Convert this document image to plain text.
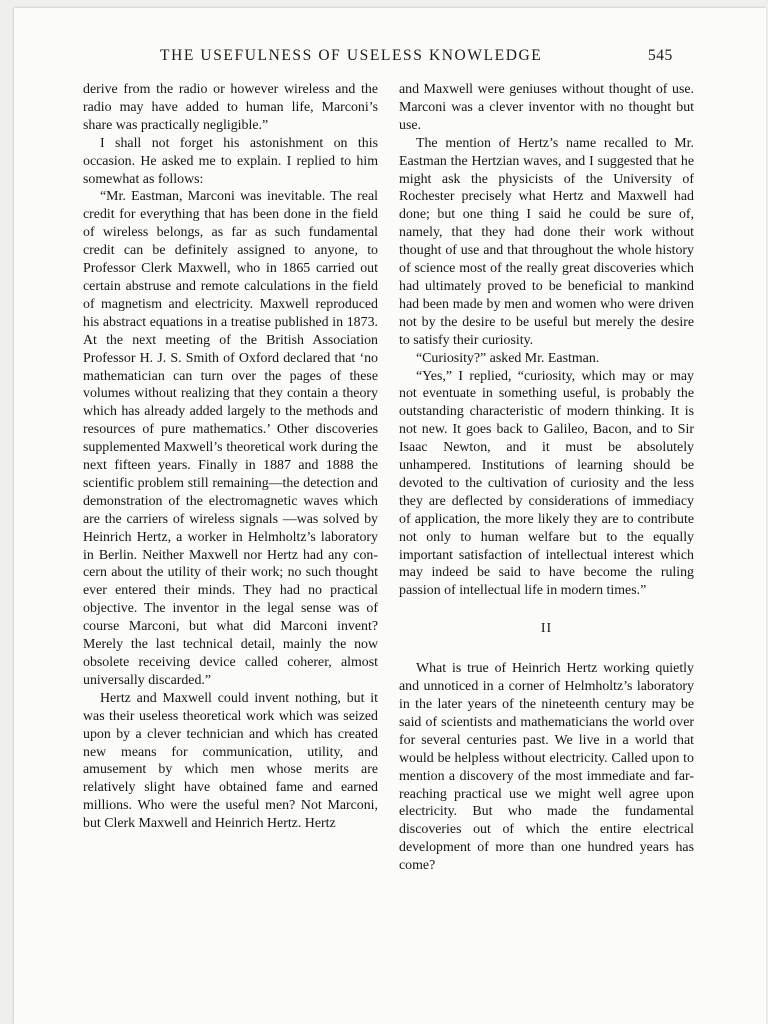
THE USEFULNESS OF USELESS KNOWLEDGE	545

derive from the radio or however wireless and the radio may have added to human life, Marconi’s share was practically negligible.”

I shall not forget his astonishment on this occasion. He asked me to explain. I replied to him somewhat as follows:

“Mr. Eastman, Marconi was inevitable. The real credit for everything that has been done in the field of wireless belongs, as far as such fundamental credit can be definitely assigned to anyone, to Professor Clerk Maxwell, who in 1865 carried out certain abstruse and remote calculations in the field of magnetism and electricity. Maxwell reproduced his abstract equations in a treatise published in 1873. At the next meeting of the British Association Professor H. J. S. Smith of Oxford declared that ‘no mathematician can turn over the pages of these volumes without realizing that they contain a theory which has already added largely to the methods and resources of pure mathematics.’ Other discoveries supplemented Maxwell’s theoretical work during the next fifteen years. Finally in 1887 and 1888 the scientific problem still remaining—the detection and demonstration of the electromagnetic waves which are the carriers of wireless signals —was solved by Heinrich Hertz, a worker in Helmholtz’s laboratory in Berlin. Neither Maxwell nor Hertz had any concern about the utility of their work; no such thought ever entered their minds. They had no practical objective. The inventor in the legal sense was of course Marconi, but what did Marconi invent? Merely the last technical detail, mainly the now obsolete receiving device called coherer, almost universally discarded.”

Hertz and Maxwell could invent nothing, but it was their useless theoretical work which was seized upon by a clever technician and which has created new means for communication, utility, and amusement by which men whose merits are relatively slight have obtained fame and earned millions. Who were the useful men? Not Marconi, but Clerk Maxwell and Heinrich Hertz. Hertz

and Maxwell were geniuses without thought of use. Marconi was a clever inventor with no thought but use.

The mention of Hertz’s name recalled to Mr. Eastman the Hertzian waves, and I suggested that he might ask the physicists of the University of Rochester precisely what Hertz and Maxwell had done; but one thing I said he could be sure of, namely, that they had done their work without thought of use and that throughout the whole history of science most of the really great discoveries which had ultimately proved to be beneficial to mankind had been made by men and women who were driven not by the desire to be useful but merely the desire to satisfy their curiosity.

“Curiosity?” asked Mr. Eastman.

“Yes,” I replied, “curiosity, which may or may not eventuate in something useful, is probably the outstanding characteristic of modern thinking. It is not new. It goes back to Galileo, Bacon, and to Sir Isaac Newton, and it must be absolutely unhampered. Institutions of learning should be devoted to the cultivation of curiosity and the less they are deflected by considerations of immediacy of application, the more likely they are to contribute not only to human welfare but to the equally important satisfaction of intellectual interest which may indeed be said to have become the ruling passion of intellectual life in modern times.”

II

What is true of Heinrich Hertz working quietly and unnoticed in a corner of Helmholtz’s laboratory in the later years of the nineteenth century may be said of scientists and mathematicians the world over for several centuries past. We live in a world that would be helpless without electricity. Called upon to mention a discovery of the most immediate and far-reaching practical use we might well agree upon electricity. But who made the fundamental discoveries out of which the entire electrical development of more than one hundred years has come?
